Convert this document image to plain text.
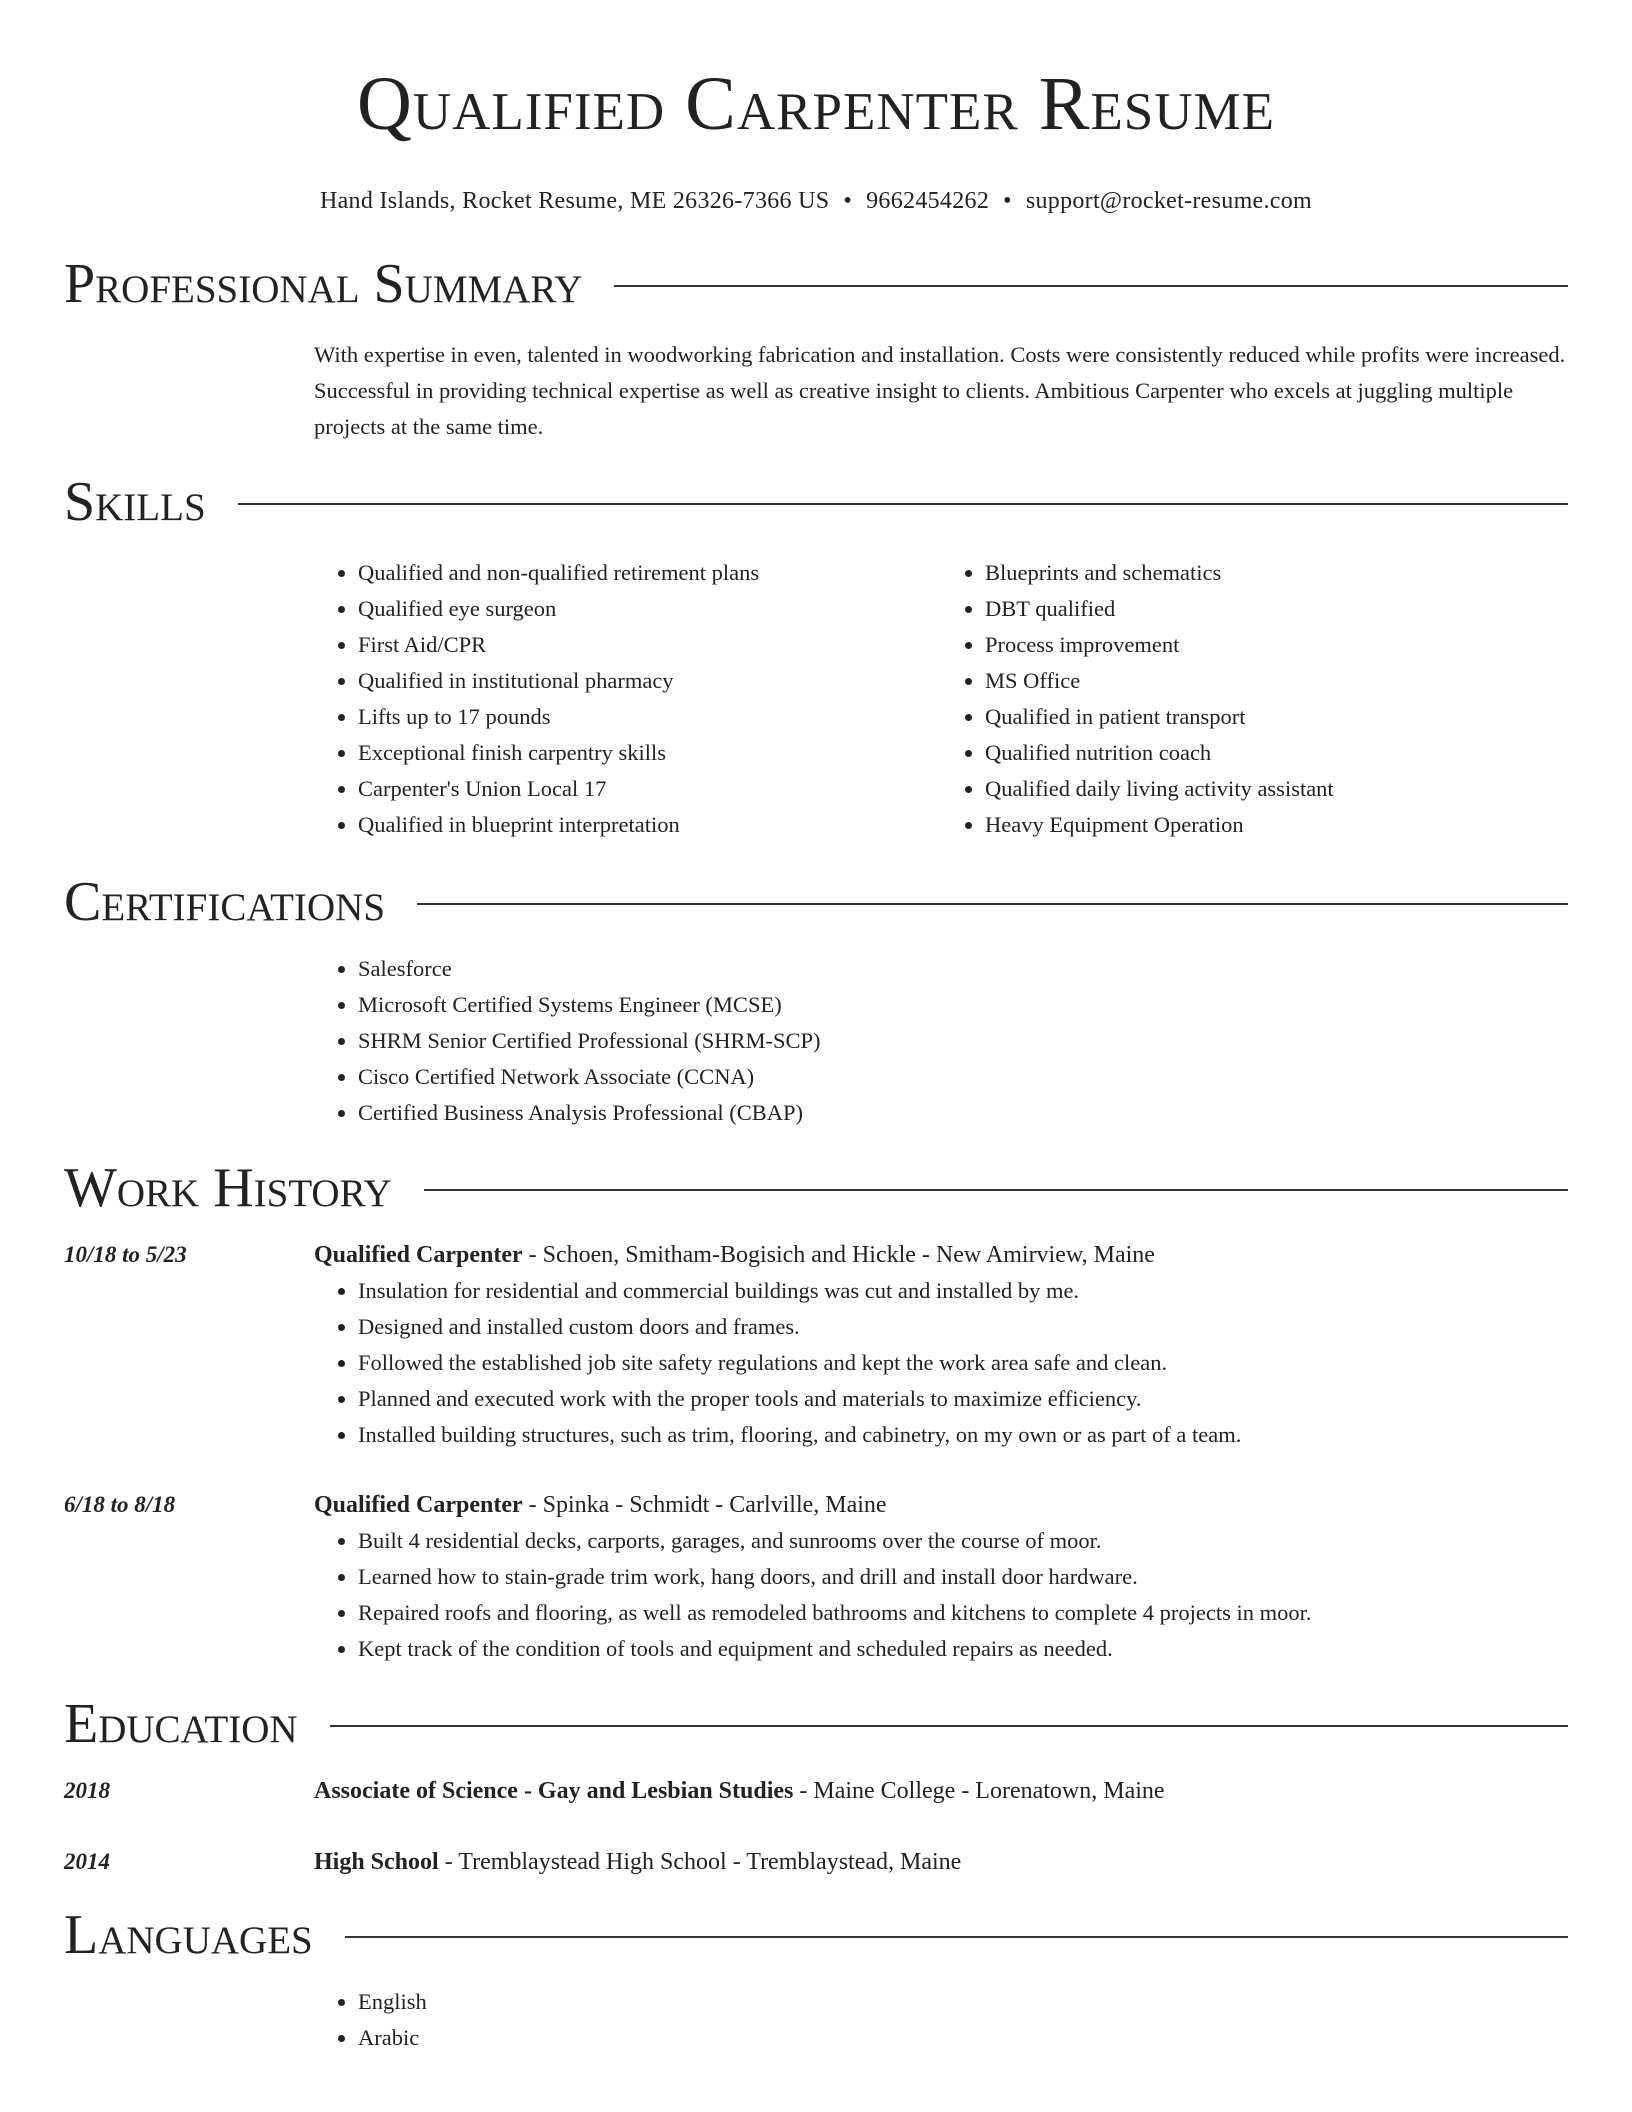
Qualified Carpenter Resume
Hand Islands, Rocket Resume, ME 26326-7366 US • 9662454262 • support@rocket-resume.com
Professional Summary
With expertise in even, talented in woodworking fabrication and installation. Costs were consistently reduced while profits were increased. Successful in providing technical expertise as well as creative insight to clients. Ambitious Carpenter who excels at juggling multiple projects at the same time.
Skills
• Qualified and non-qualified retirement plans
• Qualified eye surgeon
• First Aid/CPR
• Qualified in institutional pharmacy
• Lifts up to 17 pounds
• Exceptional finish carpentry skills
• Carpenter's Union Local 17
• Qualified in blueprint interpretation
• Blueprints and schematics
• DBT qualified
• Process improvement
• MS Office
• Qualified in patient transport
• Qualified nutrition coach
• Qualified daily living activity assistant
• Heavy Equipment Operation
Certifications
• Salesforce
• Microsoft Certified Systems Engineer (MCSE)
• SHRM Senior Certified Professional (SHRM-SCP)
• Cisco Certified Network Associate (CCNA)
• Certified Business Analysis Professional (CBAP)
Work History
10/18 to 5/23	Qualified Carpenter - Schoen, Smitham-Bogisich and Hickle - New Amirview, Maine
• Insulation for residential and commercial buildings was cut and installed by me.
• Designed and installed custom doors and frames.
• Followed the established job site safety regulations and kept the work area safe and clean.
• Planned and executed work with the proper tools and materials to maximize efficiency.
• Installed building structures, such as trim, flooring, and cabinetry, on my own or as part of a team.
6/18 to 8/18	Qualified Carpenter - Spinka - Schmidt - Carlville, Maine
• Built 4 residential decks, carports, garages, and sunrooms over the course of moor.
• Learned how to stain-grade trim work, hang doors, and drill and install door hardware.
• Repaired roofs and flooring, as well as remodeled bathrooms and kitchens to complete 4 projects in moor.
• Kept track of the condition of tools and equipment and scheduled repairs as needed.
Education
2018	Associate of Science - Gay and Lesbian Studies - Maine College - Lorenatown, Maine
2014	High School - Tremblaystead High School - Tremblaystead, Maine
Languages
• English
• Arabic
